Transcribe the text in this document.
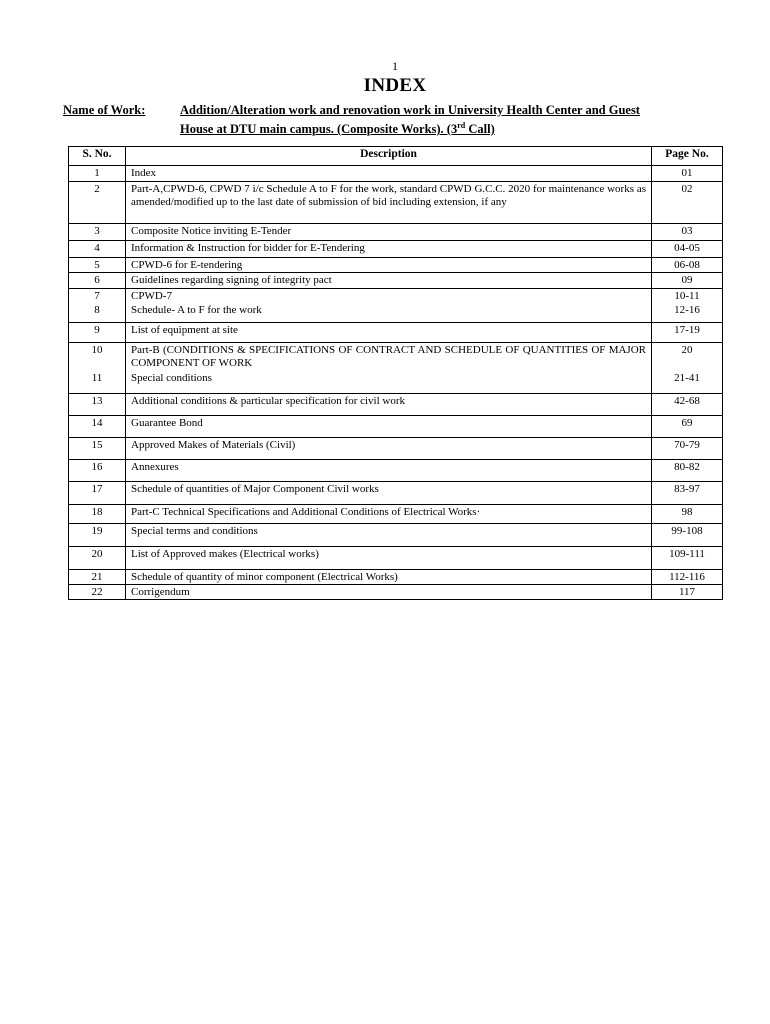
1
INDEX
Name of Work:	Addition/Alteration work and renovation work in University Health Center and Guest
House at DTU main campus. (Composite Works). (3rd Call)
S. No.	Description	Page No.
1	Index	01
2	Part-A,CPWD-6, CPWD 7 i/c Schedule A to F for the work, standard CPWD G.C.C. 2020 for maintenance works as amended/modified up to the last date of submission of bid including extension, if any	02
3	Composite Notice inviting E-Tender	03
4	Information & Instruction for bidder for E-Tendering	04-05
5	CPWD-6 for E-tendering	06-08
6	Guidelines regarding signing of integrity pact	09
7	CPWD-7	10-11
8	Schedule- A to F for the work	12-16
9	List of equipment at site	17-19
10	Part-B (CONDITIONS & SPECIFICATIONS OF CONTRACT AND SCHEDULE OF QUANTITIES OF MAJOR COMPONENT OF WORK	20
11	Special conditions	21-41
13	Additional conditions & particular specification for civil work	42-68
14	Guarantee Bond	69
15	Approved Makes of Materials (Civil)	70-79
16	Annexures	80-82
17	Schedule of quantities of Major Component Civil works	83-97
18	Part-C Technical Specifications and Additional Conditions of Electrical Works·	98
19	Special terms and conditions	99-108
20	List of Approved makes (Electrical works)	109-111
21	Schedule of quantity of minor component (Electrical Works)	112-116
22	Corrigendum	117
